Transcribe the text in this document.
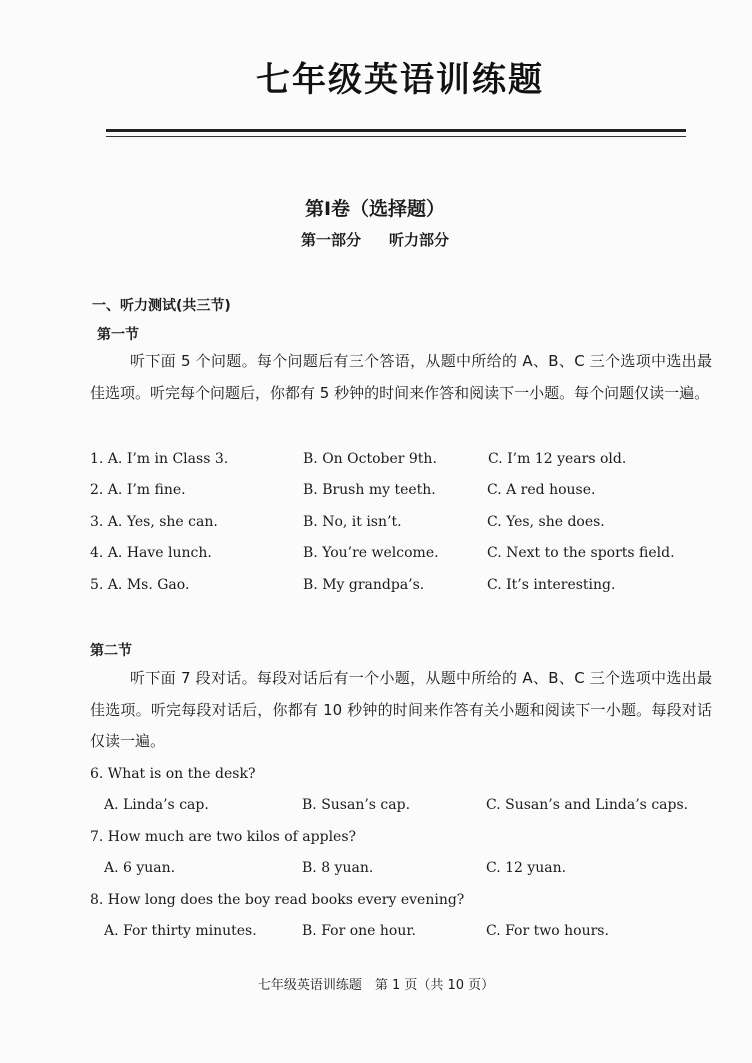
七年级英语训练题
第Ⅰ卷（选择题）
第一部分 听力部分
一、听力测试(共三节)
第一节
听下面 5 个问题。每个问题后有三个答语，从题中所给的 A、B、C 三个选项中选出最佳选项。听完每个问题后，你都有 5 秒钟的时间来作答和阅读下一小题。每个问题仅读一遍。
1. A. I’m in Class 3.	B. On October 9th.	C. I’m 12 years old.
2. A. I’m fine.	B. Brush my teeth.	C. A red house.
3. A. Yes, she can.	B. No, it isn’t.	C. Yes, she does.
4. A. Have lunch.	B. You’re welcome.	C. Next to the sports field.
5. A. Ms. Gao.	B. My grandpa’s.	C. It’s interesting.
第二节
听下面 7 段对话。每段对话后有一个小题，从题中所给的 A、B、C 三个选项中选出最佳选项。听完每段对话后，你都有 10 秒钟的时间来作答有关小题和阅读下一小题。每段对话仅读一遍。
6. What is on the desk?
A. Linda’s cap.	B. Susan’s cap.	C. Susan’s and Linda’s caps.
7. How much are two kilos of apples?
A. 6 yuan.	B. 8 yuan.	C. 12 yuan.
8. How long does the boy read books every evening?
A. For thirty minutes.	B. For one hour.	C. For two hours.
七年级英语训练题　第 1 页（共 10 页）
